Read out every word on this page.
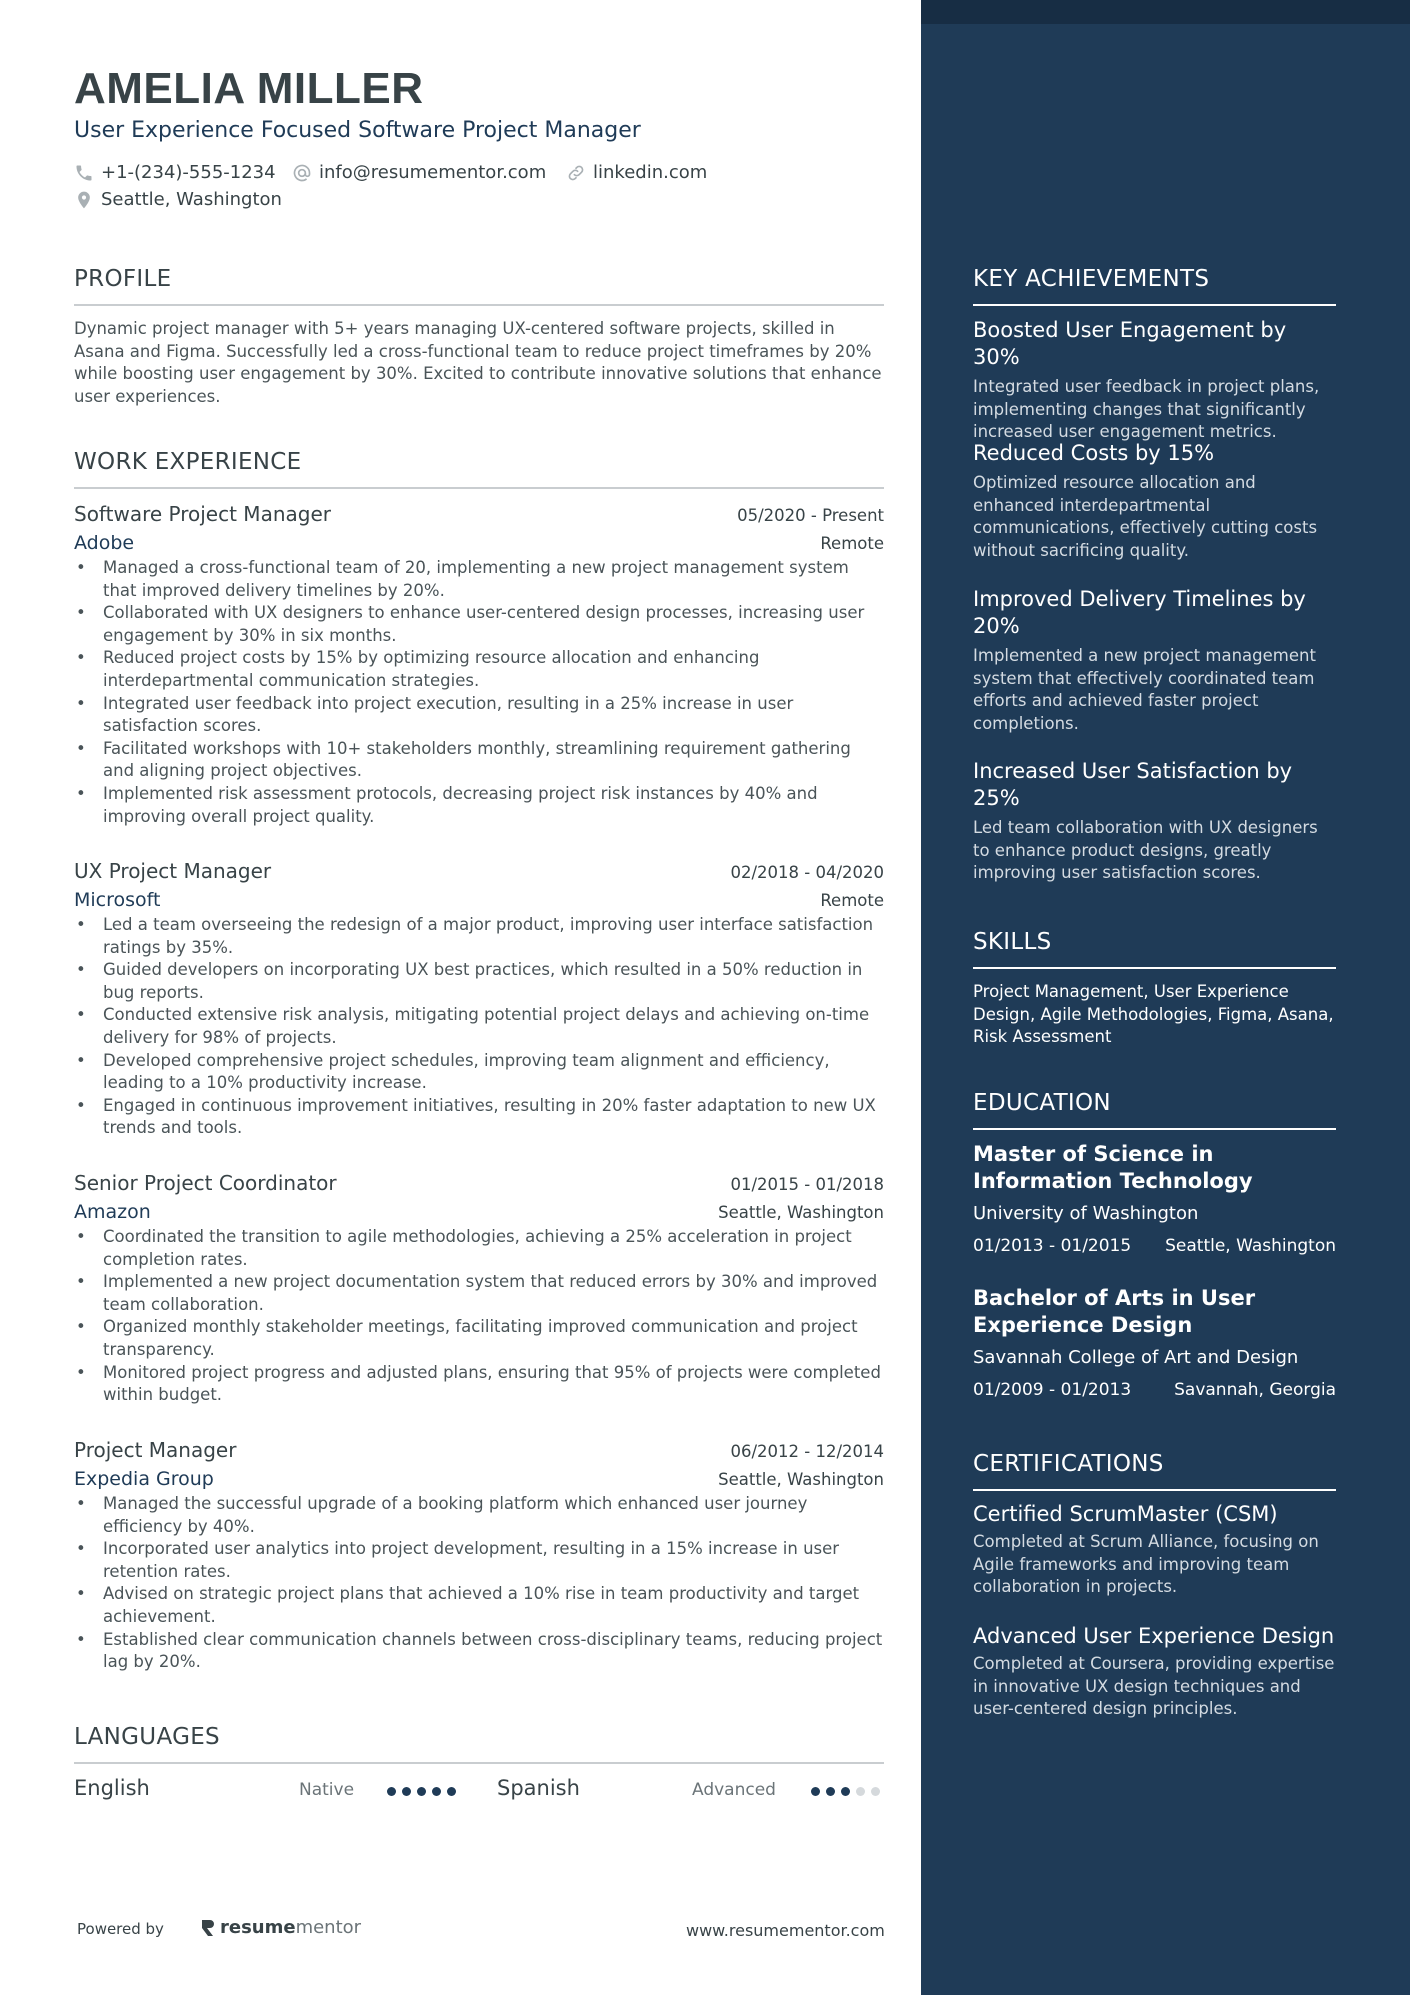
AMELIA MILLER
User Experience Focused Software Project Manager
+1-(234)-555-1234 info@resumementor.com	linkedin.com
Seattle, Washington
PROFILE
Dynamic project manager with 5+ years managing UX-centered software projects, skilled in Asana and Figma. Successfully led a cross-functional team to reduce project timeframes by 20% while boosting user engagement by 30%. Excited to contribute innovative solutions that enhance user experiences.
WORK EXPERIENCE
Software Project Manager	05/2020 - Present
Adobe	Remote
• Managed a cross-functional team of 20, implementing a new project management system that improved delivery timelines by 20%.
• Collaborated with UX designers to enhance user-centered design processes, increasing user engagement by 30% in six months.
• Reduced project costs by 15% by optimizing resource allocation and enhancing interdepartmental communication strategies.
• Integrated user feedback into project execution, resulting in a 25% increase in user satisfaction scores.
• Facilitated workshops with 10+ stakeholders monthly, streamlining requirement gathering and aligning project objectives.
• Implemented risk assessment protocols, decreasing project risk instances by 40% and improving overall project quality.
UX Project Manager	02/2018 - 04/2020
Microsoft	Remote
• Led a team overseeing the redesign of a major product, improving user interface satisfaction ratings by 35%.
• Guided developers on incorporating UX best practices, which resulted in a 50% reduction in bug reports.
• Conducted extensive risk analysis, mitigating potential project delays and achieving on-time delivery for 98% of projects.
• Developed comprehensive project schedules, improving team alignment and efficiency, leading to a 10% productivity increase.
• Engaged in continuous improvement initiatives, resulting in 20% faster adaptation to new UX trends and tools.
Senior Project Coordinator	01/2015 - 01/2018
Amazon	Seattle, Washington
• Coordinated the transition to agile methodologies, achieving a 25% acceleration in project completion rates.
• Implemented a new project documentation system that reduced errors by 30% and improved team collaboration.
• Organized monthly stakeholder meetings, facilitating improved communication and project transparency.
• Monitored project progress and adjusted plans, ensuring that 95% of projects were completed within budget.
Project Manager	06/2012 - 12/2014
Expedia Group	Seattle, Washington
• Managed the successful upgrade of a booking platform which enhanced user journey efficiency by 40%.
• Incorporated user analytics into project development, resulting in a 15% increase in user retention rates.
• Advised on strategic project plans that achieved a 10% rise in team productivity and target achievement.
• Established clear communication channels between cross-disciplinary teams, reducing project lag by 20%.
LANGUAGES
English	Native	Spanish	Advanced
Powered by	resume mentor	www.resumementor.com
KEY ACHIEVEMENTS
Boosted User Engagement by 30%
Integrated user feedback in project plans, implementing changes that significantly increased user engagement metrics.
Reduced Costs by 15%
Optimized resource allocation and enhanced interdepartmental communications, effectively cutting costs without sacrificing quality.
Improved Delivery Timelines by 20%
Implemented a new project management system that effectively coordinated team efforts and achieved faster project completions.
Increased User Satisfaction by 25%
Led team collaboration with UX designers to enhance product designs, greatly improving user satisfaction scores.
SKILLS
Project Management, User Experience Design, Agile Methodologies, Figma, Asana, Risk Assessment
EDUCATION
Master of Science in Information Technology
University of Washington
01/2013 - 01/2015 Seattle, Washington
Bachelor of Arts in User Experience Design
Savannah College of Art and Design
01/2009 - 01/2013	Savannah, Georgia
CERTIFICATIONS
Certified ScrumMaster (CSM)
Completed at Scrum Alliance, focusing on Agile frameworks and improving team collaboration in projects.
Advanced User Experience Design
Completed at Coursera, providing expertise in innovative UX design techniques and user-centered design principles.
